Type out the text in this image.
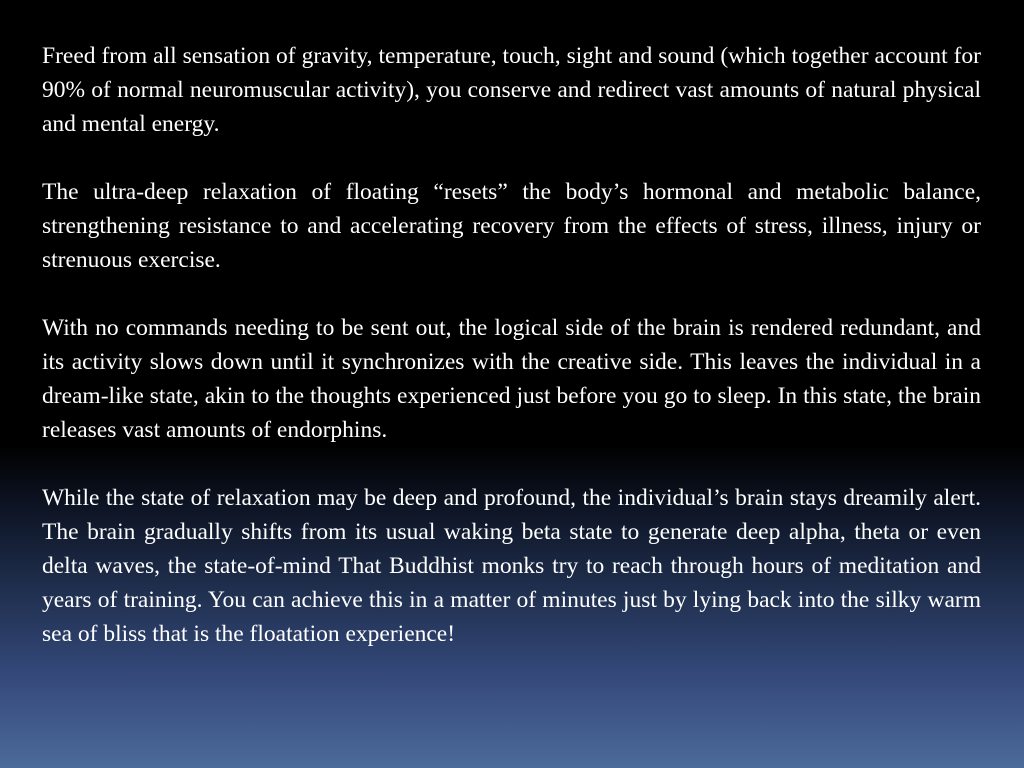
Freed from all sensation of gravity, temperature, touch, sight and sound (which together account for 90% of normal neuromuscular activity), you conserve and redirect vast amounts of natural physical and mental energy.

The ultra-deep relaxation of floating “resets” the body’s hormonal and metabolic balance, strengthening resistance to and accelerating recovery from the effects of stress, illness, injury or strenuous exercise.

With no commands needing to be sent out, the logical side of the brain is rendered redundant, and its activity slows down until it synchronizes with the creative side. This leaves the individual in a dream-like state, akin to the thoughts experienced just before you go to sleep. In this state, the brain releases vast amounts of endorphins.

While the state of relaxation may be deep and profound, the individual’s brain stays dreamily alert. The brain gradually shifts from its usual waking beta state to generate deep alpha, theta or even delta waves, the state-of-mind That Buddhist monks try to reach through hours of meditation and years of training. You can achieve this in a matter of minutes just by lying back into the silky warm sea of bliss that is the floatation experience!
